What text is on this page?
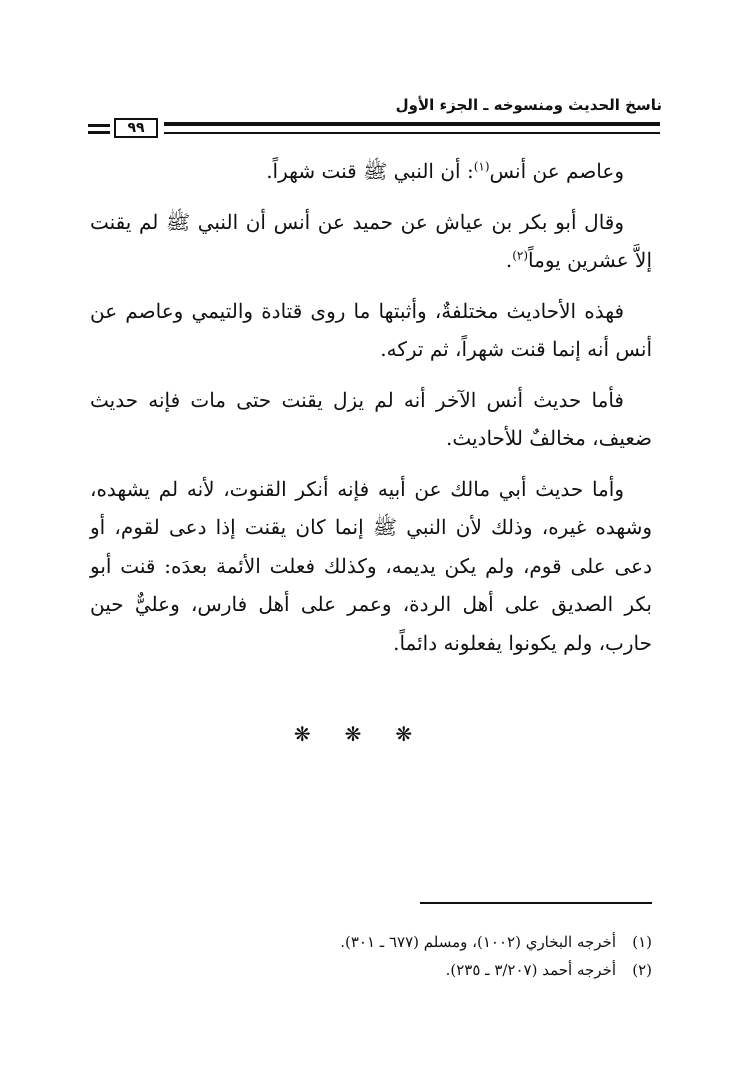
ناسخ الحديث ومنسوخه ـ الجزء الأول
٩٩

وعاصم عن أنس$^{(١)}$: أن النبي ﷺ قنت شهراً.

وقال أبو بكر بن عياش عن حميد عن أنس أن النبي ﷺ لم يقنت إلاَّ عشرين يوماً$^{(٢)}$.

فهذه الأحاديث مختلفةٌ، وأثبتها ما روى قتادة والتيمي وعاصم عن أنس أنه إنما قنت شهراً، ثم تركه.

فأما حديث أنس الآخر أنه لم يزل يقنت حتى مات فإنه حديث ضعيف، مخالفٌ للأحاديث.

وأما حديث أبي مالك عن أبيه فإنه أنكر القنوت، لأنه لم يشهده، وشهده غيره، وذلك لأن النبي ﷺ إنما كان يقنت إذا دعى لقوم، أو دعى على قوم، ولم يكن يديمه، وكذلك فعلت الأئمة بعدَه: قنت أبو بكر الصديق على أهل الردة، وعمر على أهل فارس، وعليٌّ حين حارب، ولم يكونوا يفعلونه دائماً.

❋❋❋
(١)أخرجه البخاري (١٠٠٢)، ومسلم (٦٧٧ ـ ٣٠١).
(٢)أخرجه أحمد (٣/٢٠٧ ـ ٢٣٥).
